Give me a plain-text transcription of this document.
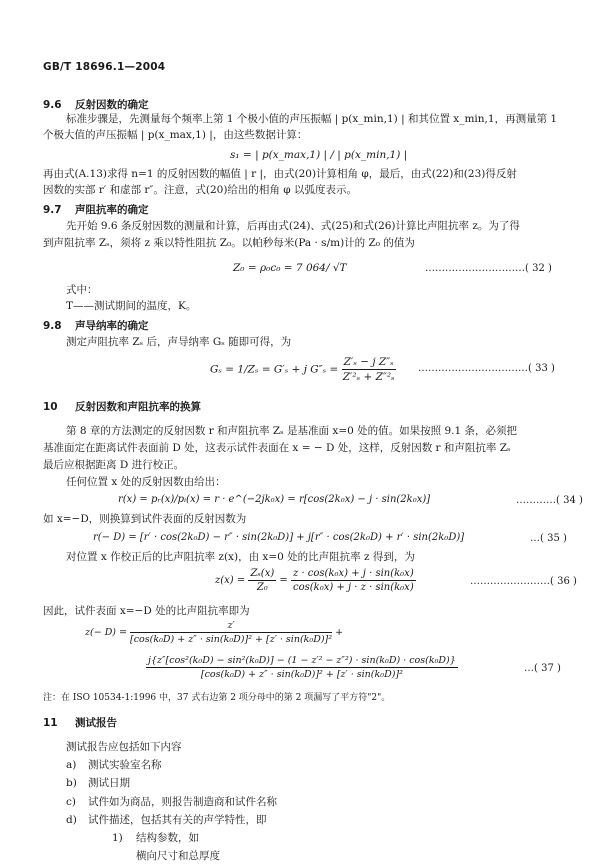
GB/T 18696.1—2004
9.6 反射因数的确定
标准步骤是，先测量每个频率上第 1 个极小值的声压振幅 | p(x_min,1) | 和其位置 x_min,1，再测量第 1
个极大值的声压振幅 | p(x_max,1) |，由这些数据计算：
s₁ = | p(x_max,1) | / | p(x_min,1) |
再由式(A.13)求得 n=1 的反射因数的幅值 | r |，由式(20)计算相角 φ，最后，由式(22)和(23)得反射
因数的实部 r′ 和虚部 r″。注意，式(20)给出的相角 φ 以弧度表示。
9.7 声阻抗率的确定
先开始 9.6 条反射因数的测量和计算，后再由式(24)、式(25)和式(26)计算比声阻抗率 z。为了得
到声阻抗率 Zₛ，须将 z 乘以特性阻抗 Z₀。以帕秒每米(Pa · s/m)计的 Z₀ 的值为
Z₀ = ρ₀c₀ = 7 064/ √T	…………………………( 32 )
式中：
T——测试期间的温度，K。
9.8 声导纳率的确定
测定声阻抗率 Zₛ 后，声导纳率 Gₛ 随即可得，为
Gₛ = 1/Zₛ = G′ₛ + j $G''_s = \frac{\text{Z′ₛ − j Z″ₛ}}{\text{Z′²ₛ + Z″²ₛ}}$ ……………………………( 33 )
10 反射因数和声阻抗率的换算
第 8 章的方法测定的反射因数 r 和声阻抗率 Zₛ 是基准面 x=0 处的值。如果按照 9.1 条，必须把
基准面定在距离试件表面前 D 处，这表示试件表面在 x = − D 处，这样，反射因数 r 和声阻抗率 Zₛ
最后应根据距离 D 进行校正。
任何位置 x 处的反射因数由给出：
r(x) = pᵣ(x)/pᵢ(x) = r · e^(−2jk₀x) = r[cos(2k₀x) − j · sin(2k₀x)]	…………( 34 )
如 x=−D，则换算到试件表面的反射因数为
r(− D) = [r′ · cos(2k₀D) − r″ · sin(2k₀D)] + j[r″ · cos(2k₀D) + r′ · sin(2k₀D)]	…( 35 )
对位置 x 作校正后的比声阻抗率 z(x)，由 x=0 处的比声阻抗率 z 得到，为
$z(x) = \frac{\text{Zₛ(x)}}{\text{Z₀}} = \frac{\text{z · cos(k₀x) + j · sin(k₀x)}}{\text{cos(k₀x) + j · z · sin(k₀x)}}$	……………………( 36 )
因此，试件表面 x=−D 处的比声阻抗率即为
$z(- D) = \frac{z'}{\text{[cos(k₀D) + z″ · sin(k₀D)]² + [z′ · sin(k₀D)]²}}$ +
j{z″[cos²(k₀D) − sin²(k₀D)] − (1 − z′² − z″²) · sin(k₀D) · cos(k₀D)}
[cos(k₀D) + z″ · sin(k₀D)]² + [z′ · sin(k₀D)]²
…( 37 )
注：在 ISO 10534-1:1996 中，37 式右边第 2 项分母中的第 2 项漏写了平方符"2"。
11 测试报告
测试报告应包括如下内容
a) 测试实验室名称
b) 测试日期
c) 试件如为商品，则报告制造商和试件名称
d) 试件描述，包括其有关的声学特性，即
1) 结构参数，如
横向尺寸和总厚度
